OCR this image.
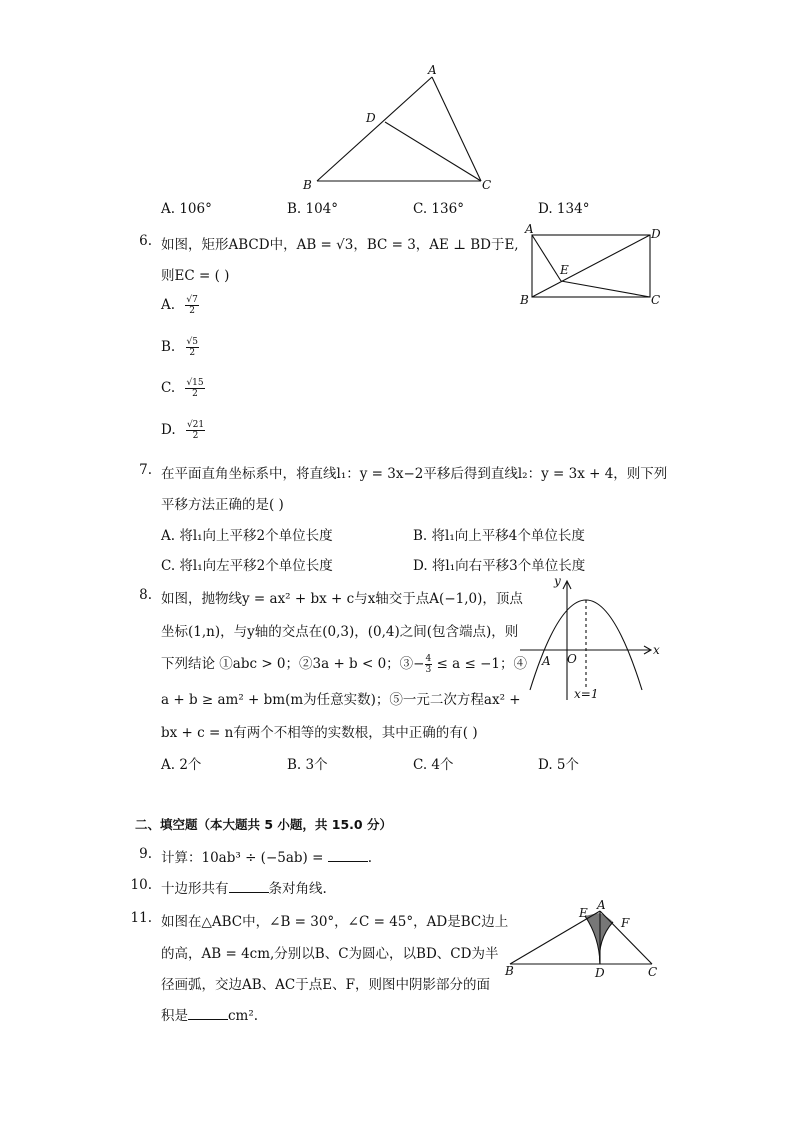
A
D
B	C
A. 106°	B. 104°	C. 136°	D. 134°
6. 如图，矩形ABCD中，AB = √3，BC = 3，AE ⊥ BD于E,
则EC = ( )
A. $\frac{√7}{2}$
B. $\frac{√5}{2}$
C. $\frac{√15}{2}$
D. $\frac{√21}{2}$
A	D
E
B	C
7. 在平面直角坐标系中，将直线l₁：y = 3x−2平移后得到直线l₂：y = 3x + 4，则下列
平移方法正确的是( )
A. 将l₁向上平移2个单位长度	B. 将l₁向上平移4个单位长度
C. 将l₁向左平移2个单位长度	D. 将l₁向右平移3个单位长度
8. 如图，抛物线y = ax² + bx + c与x轴交于点A(−1,0)，顶点
坐标(1,n)，与y轴的交点在(0,3)，(0,4)之间(包含端点)，则
下列结论 ①abc > 0；②3a + b < 0；③− $\frac{4}{3} \le a \le -1$；④
a + b ≥ am² + bm(m为任意实数)；⑤一元二次方程ax² +
bx + c = n有两个不相等的实数根，其中正确的有( )
A. 2个	B. 3个	C. 4个	D. 5个
y
x
A O
x=1
二、填空题（本大题共 5 小题，共 15.0 分）
9. 计算：10ab³ ÷ (−5ab) =	.
10. 十边形共有	条对角线.
11. 如图在△ABC中，∠B = 30°，∠C = 45°，AD是BC边上
的高，AB = 4cm,分别以B、C为圆心，以BD、CD为半
径画弧，交边AB、AC于点E、F，则图中阴影部分的面
积是	cm².
A
E
F
B	D	C
